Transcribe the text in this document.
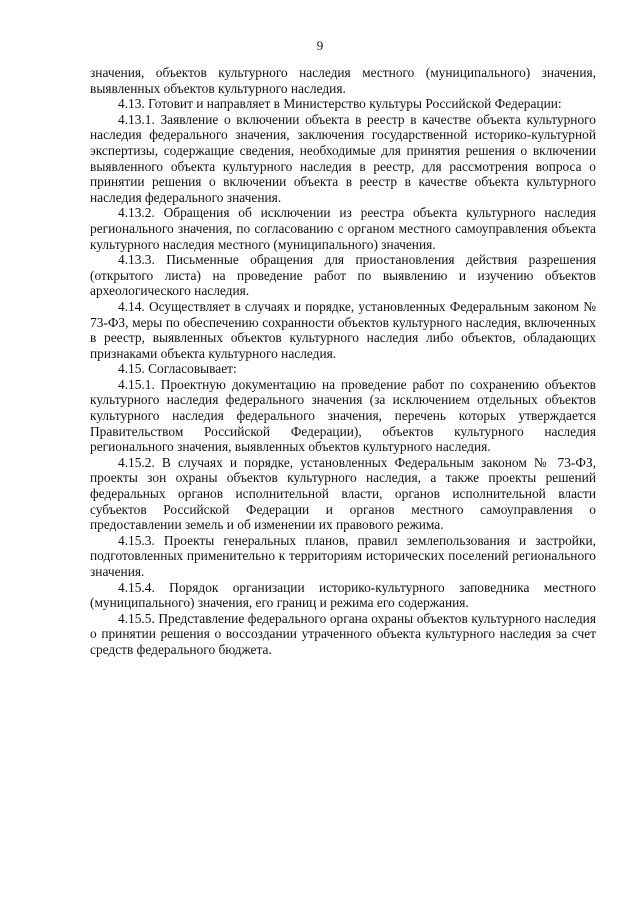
9

значения, объектов культурного наследия местного (муниципального) значения, выявленных объектов культурного наследия.

4.13. Готовит и направляет в Министерство культуры Российской Федерации:

4.13.1. Заявление о включении объекта в реестр в качестве объекта культурного наследия федерального значения, заключения государственной историко-культурной экспертизы, содержащие сведения, необходимые для принятия решения о включении выявленного объекта культурного наследия в реестр, для рассмотрения вопроса о принятии решения о включении объекта в реестр в качестве объекта культурного наследия федерального значения.

4.13.2. Обращения об исключении из реестра объекта культурного наследия регионального значения, по согласованию с органом местного самоуправления объекта культурного наследия местного (муниципального) значения.

4.13.3. Письменные обращения для приостановления действия разрешения (открытого листа) на проведение работ по выявлению и изучению объектов археологического наследия.

4.14. Осуществляет в случаях и порядке, установленных Федеральным законом № 73-ФЗ, меры по обеспечению сохранности объектов культурного наследия, включенных в реестр, выявленных объектов культурного наследия либо объектов, обладающих признаками объекта культурного наследия.

4.15. Согласовывает:

4.15.1. Проектную документацию на проведение работ по сохранению объектов культурного наследия федерального значения (за исключением отдельных объектов культурного наследия федерального значения, перечень которых утверждается Правительством Российской Федерации), объектов культурного наследия регионального значения, выявленных объектов культурного наследия.

4.15.2. В случаях и порядке, установленных Федеральным законом № 73-ФЗ, проекты зон охраны объектов культурного наследия, а также проекты решений федеральных органов исполнительной власти, органов исполнительной власти субъектов Российской Федерации и органов местного самоуправления о предоставлении земель и об изменении их правового режима.

4.15.3. Проекты генеральных планов, правил землепользования и застройки, подготовленных применительно к территориям исторических поселений регионального значения.

4.15.4. Порядок организации историко-культурного заповедника местного (муниципального) значения, его границ и режима его содержания.

4.15.5. Представление федерального органа охраны объектов культурного наследия о принятии решения о воссоздании утраченного объекта культурного наследия за счет средств федерального бюджета.
